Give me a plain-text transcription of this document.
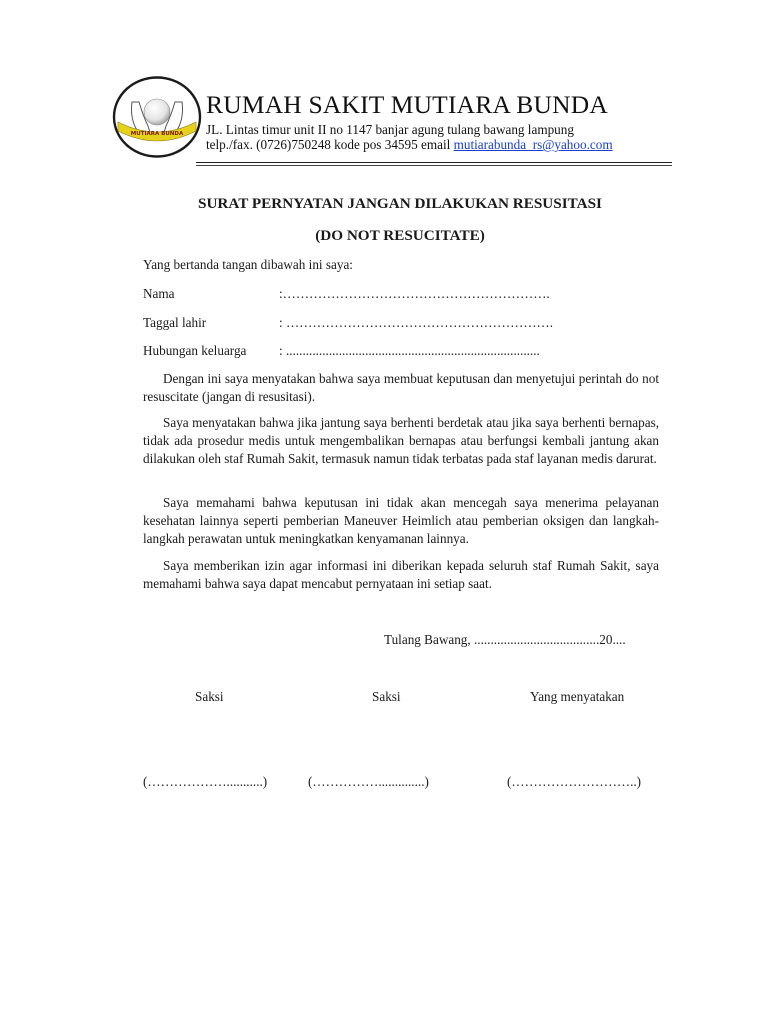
MUTIARA BUNDA
RUMAH SAKIT MUTIARA BUNDA
JL. Lintas timur unit II no 1147 banjar agung tulang bawang lampung
telp./fax. (0726)750248 kode pos 34595 email mutiarabunda_rs@yahoo.com
SURAT PERNYATAN JANGAN DILAKUKAN RESUSITASI
(DO NOT RESUCITATE)
Yang bertanda tangan dibawah ini saya:
Nama	:…………………………………………………….
Taggal lahir	: …………………………………………………….
Hubungan keluarga : .............................................................................

Dengan ini saya menyatakan bahwa saya membuat keputusan dan menyetujui perintah do not resuscitate (jangan di resusitasi).

Saya menyatakan bahwa jika jantung saya berhenti berdetak atau jika saya berhenti bernapas, tidak ada prosedur medis untuk mengembalikan bernapas atau berfungsi kembali jantung akan dilakukan oleh staf Rumah Sakit, termasuk namun tidak terbatas pada staf layanan medis darurat.

Saya memahami bahwa keputusan ini tidak akan mencegah saya menerima pelayanan kesehatan lainnya seperti pemberian Maneuver Heimlich atau pemberian oksigen dan langkah-langkah perawatan untuk meningkatkan kenyamanan lainnya.

Saya memberikan izin agar informasi ini diberikan kepada seluruh staf Rumah Sakit, saya memahami bahwa saya dapat mencabut pernyataan ini setiap saat.

Tulang Bawang, ......................................20....
Saksi	Saksi	Yang menyatakan
(………………...........)	(……………..............)	(………………………..)
